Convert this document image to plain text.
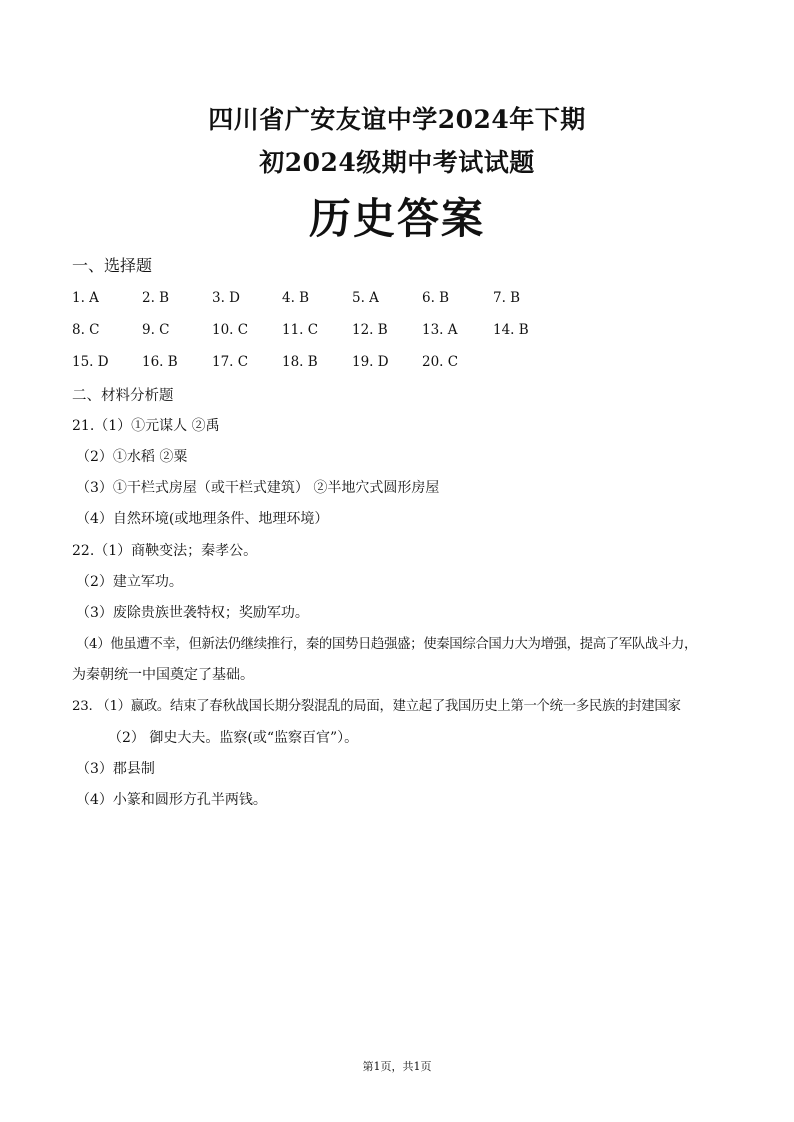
四川省广安友谊中学2024年下期
初2024级期中考试试题
历史答案
一、选择题
1. A	2. B	3. D	4. B	5. A	6. B	7. B
8. C	9. C	10. C	11. C	12. B	13. A	14. B
15. D 16. B	17. C	18. B	19. D 20. C
二、材料分析题
21.（1）①元谋人 ②禹
（2）①水稻 ②粟
（3）①干栏式房屋（或干栏式建筑） ②半地穴式圆形房屋
（4）自然环境(或地理条件、地理环境）
22.（1）商鞅变法；秦孝公。
（2）建立军功。
（3）废除贵族世袭特权；奖励军功。
（4）他虽遭不幸，但新法仍继续推行，秦的国势日趋强盛；使秦国综合国力大为增强，提高了军队战斗力，
为秦朝统一中国奠定了基础。
23. （1）嬴政。结束了春秋战国长期分裂混乱的局面，建立起了我国历史上第一个统一多民族的封建国家
（2） 御史大夫。监察(或“监察百官”）。
（3）郡县制
（4）小篆和圆形方孔半两钱。
第1页，共1页
